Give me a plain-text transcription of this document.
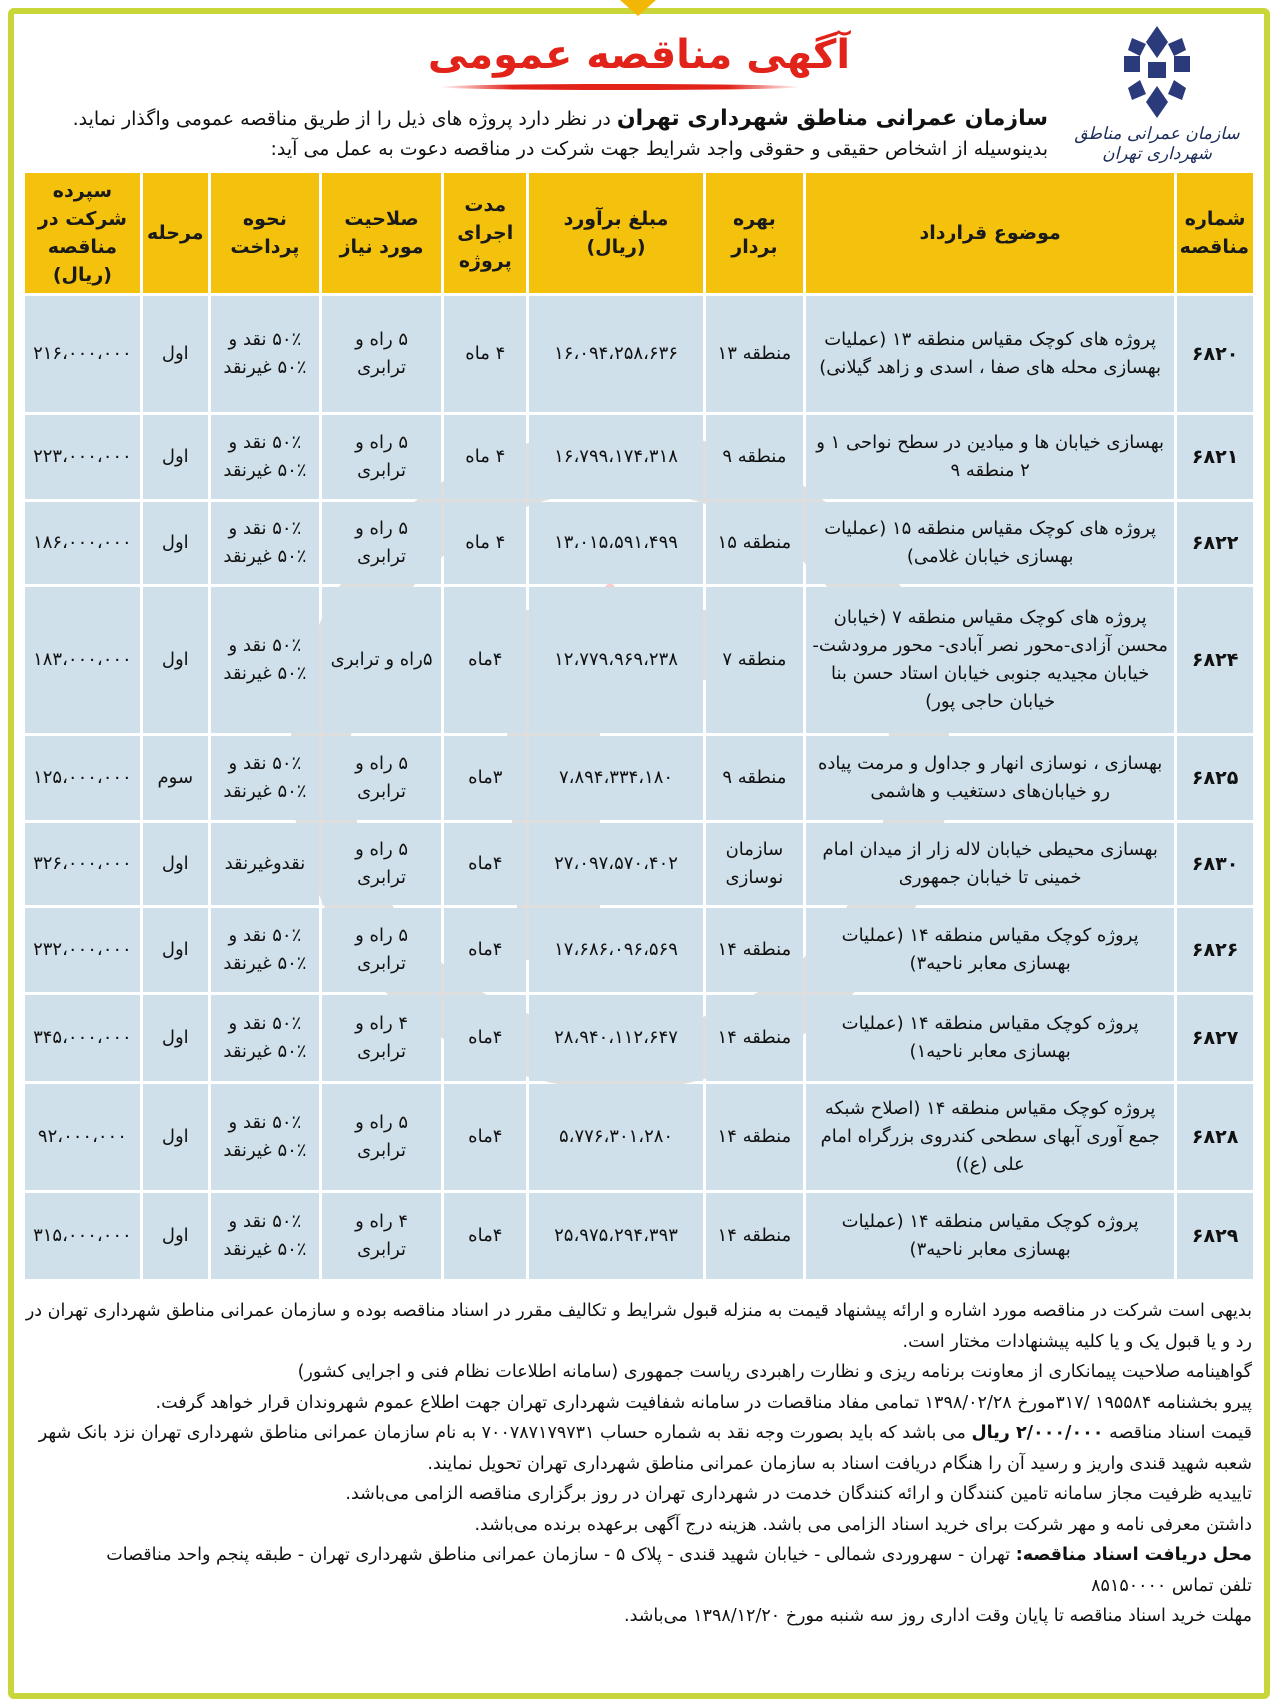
آگهی مناقصه عمومی
سازمان عمرانی مناطق شهرداری تهران
سازمان عمرانی مناطق شهرداری تهران در نظر دارد پروژه های ذیل را از طریق مناقصه عمومی واگذار نماید.
بدینوسیله از اشخاص حقیقی و حقوقی واجد شرایط جهت شرکت در مناقصه دعوت به عمل می آید:
شماره مناقصه	موضوع قرارداد	بهره بردار	مبلغ برآورد (ریال)	مدت اجرای پروژه	صلاحیت مورد نیاز	نحوه پرداخت	مرحله	سپرده شرکت در مناقصه (ریال)
۶۸۲۰	پروژه های کوچک مقیاس منطقه ۱۳ (عملیات بهسازی محله های صفا ، اسدی و زاهد گیلانی)	منطقه ۱۳	۱۶،۰۹۴،۲۵۸،۶۳۶	۴ ماه	۵ راه و ترابری	۵۰٪ نقد و
۵۰٪ غیرنقد	اول	۲۱۶،۰۰۰،۰۰۰
۶۸۲۱	بهسازی خیابان ها و میادین در سطح نواحی ۱ و ۲ منطقه ۹	منطقه ۹	۱۶،۷۹۹،۱۷۴،۳۱۸	۴ ماه	۵ راه و ترابری	۵۰٪ نقد و
۵۰٪ غیرنقد	اول	۲۲۳،۰۰۰،۰۰۰
۶۸۲۲	پروژه های کوچک مقیاس منطقه ۱۵ (عملیات بهسازی خیابان غلامی)	منطقه ۱۵	۱۳،۰۱۵،۵۹۱،۴۹۹	۴ ماه	۵ راه و ترابری	۵۰٪ نقد و
۵۰٪ غیرنقد	اول	۱۸۶،۰۰۰،۰۰۰
۶۸۲۴	پروژه های کوچک مقیاس منطقه ۷ (خیابان محسن آزادی-محور نصر آبادی- محور مرودشت-خیابان مجیدیه جنوبی خیابان استاد حسن بنا خیابان حاجی پور)	منطقه ۷	۱۲،۷۷۹،۹۶۹،۲۳۸	۴ماه	۵راه و ترابری	۵۰٪ نقد و
۵۰٪ غیرنقد	اول	۱۸۳،۰۰۰،۰۰۰
۶۸۲۵	بهسازی ، نوسازی انهار و جداول و مرمت پیاده رو خیابان‌های دستغیب و هاشمی	منطقه ۹	۷،۸۹۴،۳۳۴،۱۸۰	۳ماه	۵ راه و ترابری	۵۰٪ نقد و
۵۰٪ غیرنقد	سوم	۱۲۵،۰۰۰،۰۰۰
۶۸۳۰	بهسازی محیطی خیابان لاله زار از میدان امام خمینی تا خیابان جمهوری	سازمان نوسازی	۲۷،۰۹۷،۵۷۰،۴۰۲	۴ماه	۵ راه و ترابری	نقدوغیرنقد	اول	۳۲۶،۰۰۰،۰۰۰
۶۸۲۶	پروژه کوچک مقیاس منطقه ۱۴ (عملیات بهسازی معابر ناحیه۳)	منطقه ۱۴	۱۷،۶۸۶،۰۹۶،۵۶۹	۴ماه	۵ راه و ترابری	۵۰٪ نقد و
۵۰٪ غیرنقد	اول	۲۳۲،۰۰۰،۰۰۰
۶۸۲۷	پروژه کوچک مقیاس منطقه ۱۴ (عملیات بهسازی معابر ناحیه۱)	منطقه ۱۴	۲۸،۹۴۰،۱۱۲،۶۴۷	۴ماه	۴ راه و ترابری	۵۰٪ نقد و
۵۰٪ غیرنقد	اول	۳۴۵،۰۰۰،۰۰۰
۶۸۲۸	پروژه کوچک مقیاس منطقه ۱۴ (اصلاح شبکه جمع آوری آبهای سطحی کندروی بزرگراه امام علی (ع))	منطقه ۱۴	۵،۷۷۶،۳۰۱،۲۸۰	۴ماه	۵ راه و ترابری	۵۰٪ نقد و
۵۰٪ غیرنقد	اول	۹۲،۰۰۰،۰۰۰
۶۸۲۹	پروژه کوچک مقیاس منطقه ۱۴ (عملیات بهسازی معابر ناحیه۳)	منطقه ۱۴	۲۵،۹۷۵،۲۹۴،۳۹۳	۴ماه	۴ راه و ترابری	۵۰٪ نقد و
۵۰٪ غیرنقد	اول	۳۱۵،۰۰۰،۰۰۰

بدیهی است شرکت در مناقصه مورد اشاره و ارائه پیشنهاد قیمت به منزله قبول شرایط و تکالیف مقرر در اسناد مناقصه بوده و سازمان عمرانی مناطق شهرداری تهران در رد و یا قبول یک و یا کلیه پیشنهادات مختار است.

گواهینامه صلاحیت پیمانکاری از معاونت برنامه ریزی و نظارت راهبردی ریاست جمهوری (سامانه اطلاعات نظام فنی و اجرایی کشور)

پیرو بخشنامه ۱۹۵۵۸۴ /۳۱۷مورخ ۱۳۹۸/۰۲/۲۸ تمامی مفاد مناقصات در سامانه شفافیت شهرداری تهران جهت اطلاع عموم شهروندان قرار خواهد گرفت.

قیمت اسناد مناقصه ۲/۰۰۰/۰۰۰ ریال می باشد که باید بصورت وجه نقد به شماره حساب ۷۰۰۷۸۷۱۷۹۷۳۱ به نام سازمان عمرانی مناطق شهرداری تهران نزد بانک شهر شعبه شهید قندی واریز و رسید آن را هنگام دریافت اسناد به سازمان عمرانی مناطق شهرداری تهران تحویل نمایند.

تاییدیه ظرفیت مجاز سامانه تامین کنندگان و ارائه کنندگان خدمت در شهرداری تهران در روز برگزاری مناقصه الزامی می‌باشد.

داشتن معرفی نامه و مهر شرکت برای خرید اسناد الزامی می باشد. هزینه درج آگهی برعهده برنده می‌باشد.

محل دریافت اسناد مناقصه: تهران - سهروردی شمالی - خیابان شهید قندی - پلاک ۵ - سازمان عمرانی مناطق شهرداری تهران - طبقه پنجم واحد مناقصات

تلفن تماس ۸۵۱۵۰۰۰۰

مهلت خرید اسناد مناقصه تا پایان وقت اداری روز سه شنبه مورخ ۱۳۹۸/۱۲/۲۰ می‌باشد.
